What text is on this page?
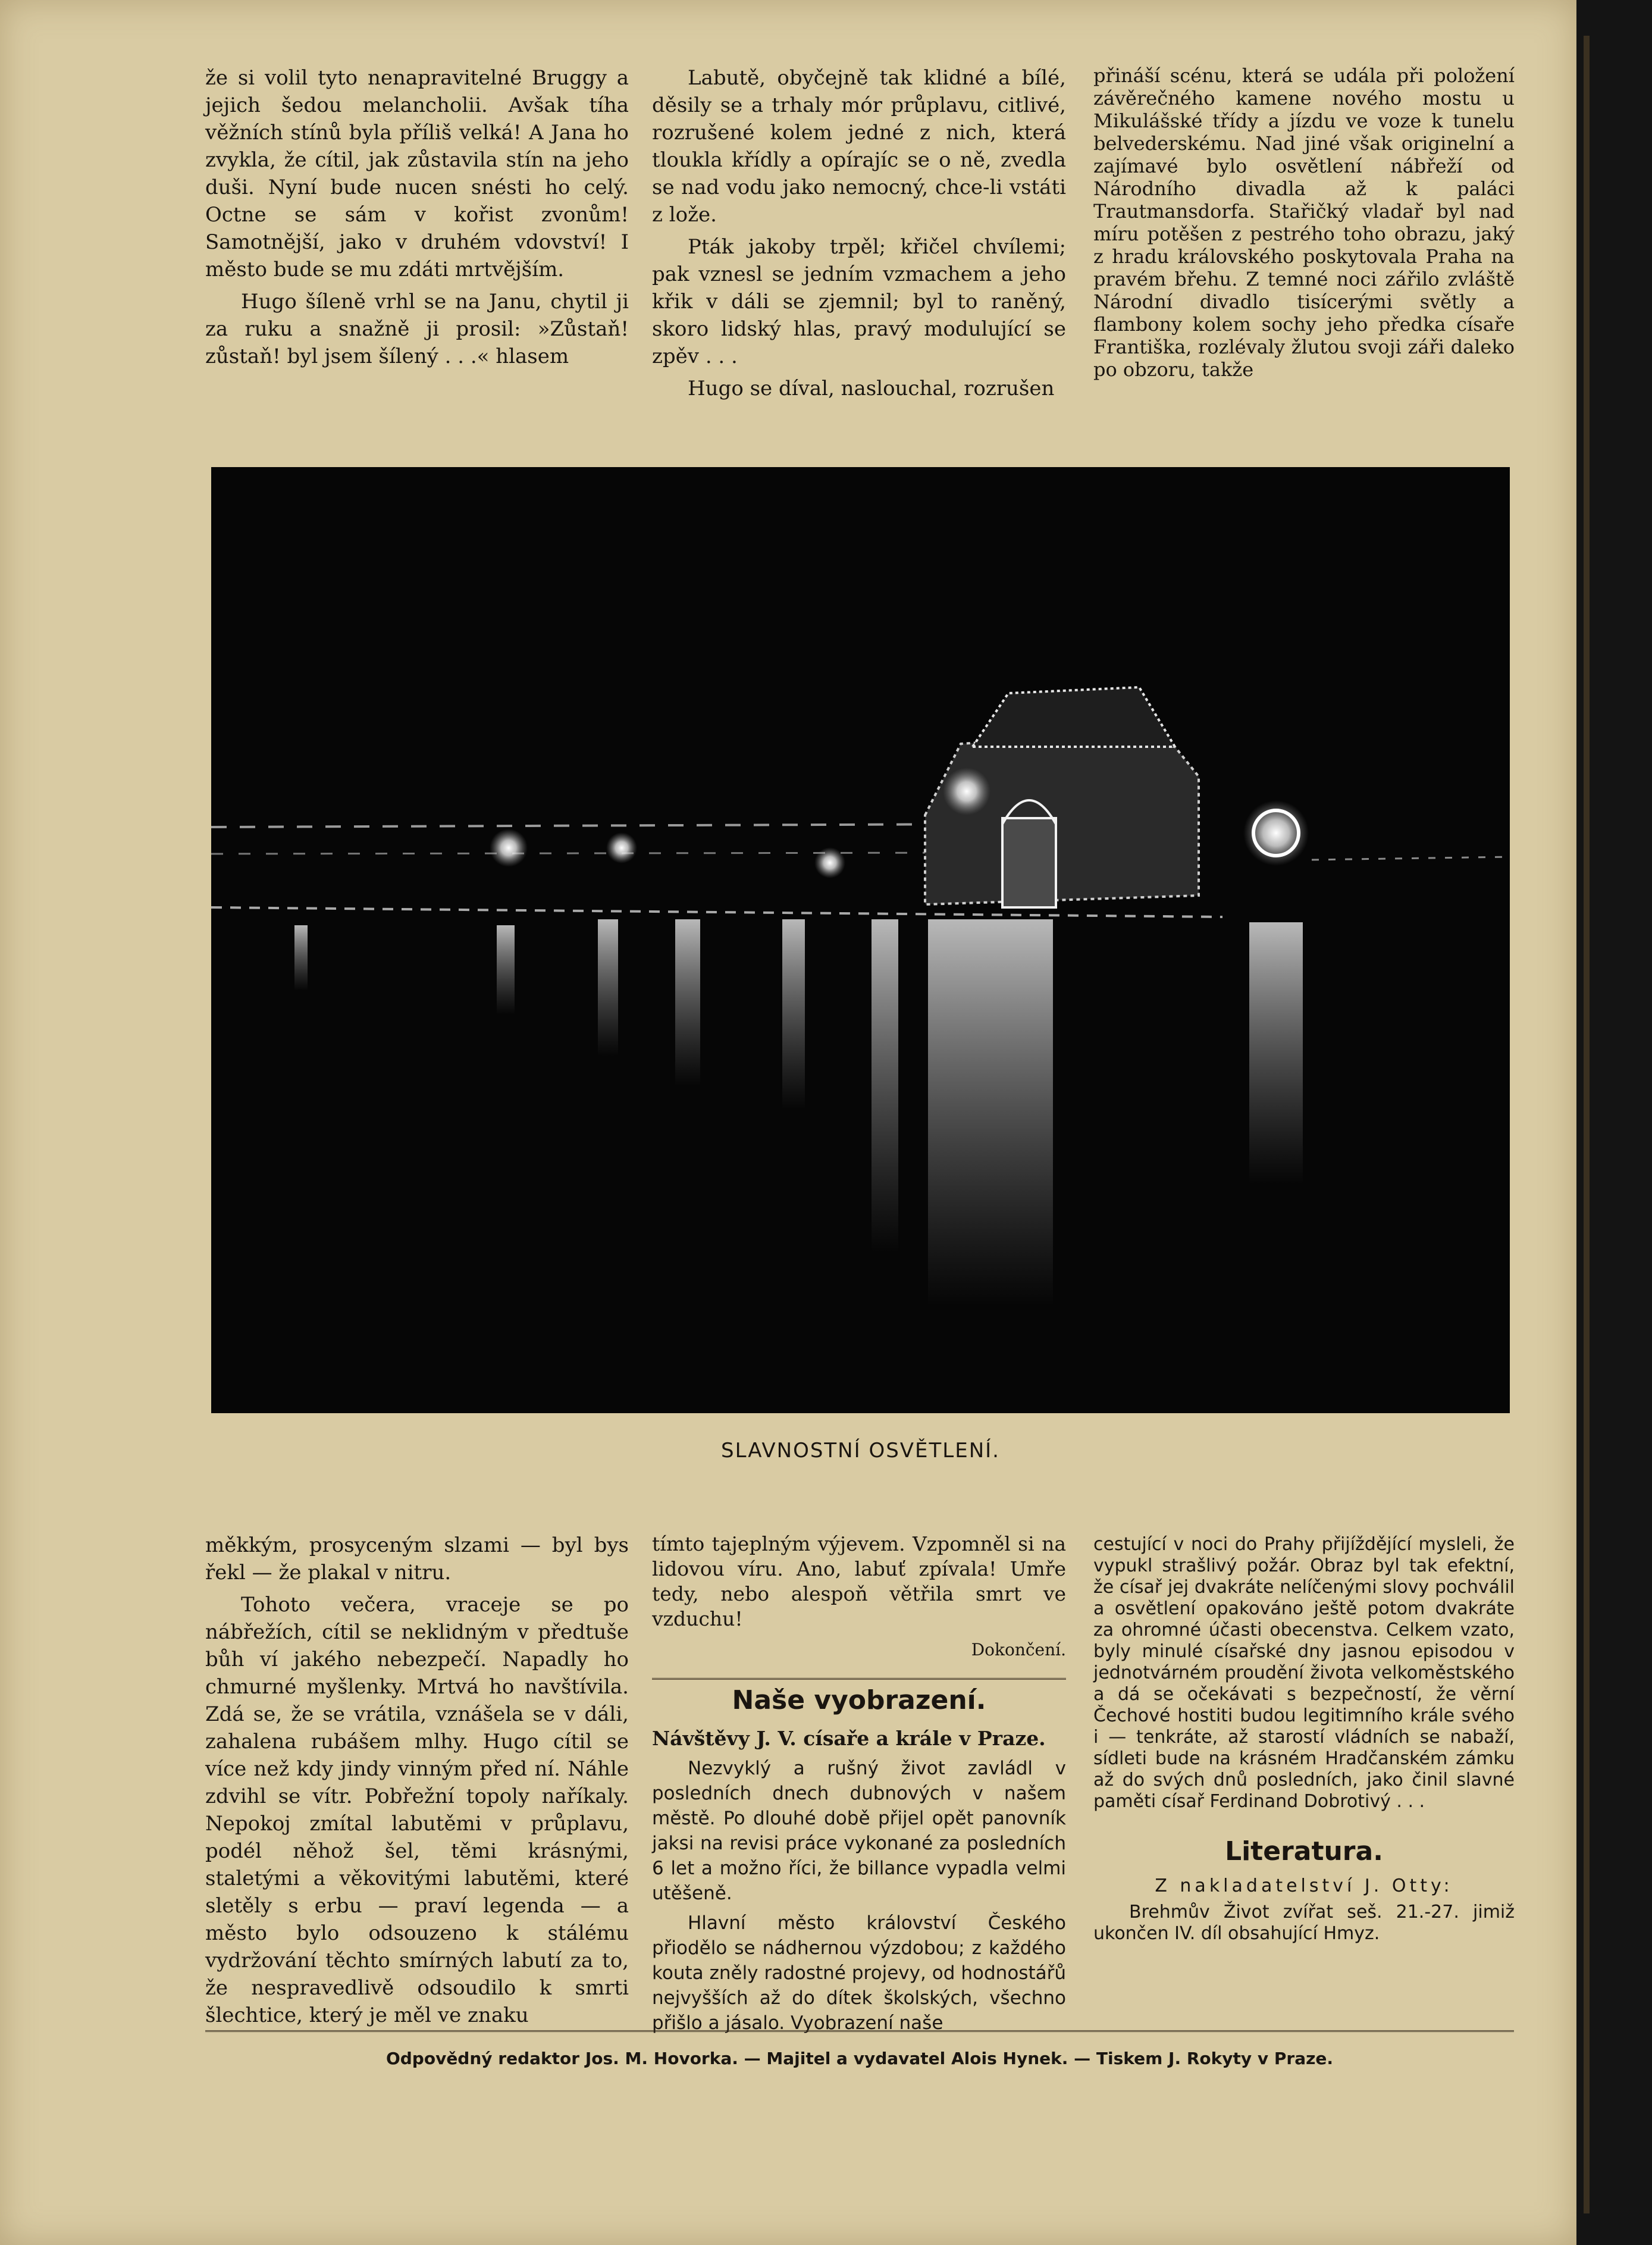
že si volil tyto nenapravitelné Bruggy a jejich šedou melancholii. Avšak tíha věžních stínů byla příliš velká! A Jana ho zvykla, že cítil, jak zůstavila stín na jeho duši. Nyní bude nucen snésti ho celý. Octne se sám v kořist zvonům! Samotnější, jako v druhém vdovství! I město bude se mu zdáti mrtvějším.

Hugo šíleně vrhl se na Janu, chytil ji za ruku a snažně ji prosil: »Zůstaň! zůstaň! byl jsem šílený . . .« hlasem

Labutě, obyčejně tak klidné a bílé, děsily se a trhaly mór průplavu, citlivé, rozrušené kolem jedné z nich, která tloukla křídly a opírajíc se o ně, zvedla se nad vodu jako nemocný, chce-li vstáti z lože.

Pták jakoby trpěl; křičel chvílemi; pak vznesl se jedním vzmachem a jeho křik v dáli se zjemnil; byl to raněný, skoro lidský hlas, pravý modulující se zpěv . . .

Hugo se díval, naslouchal, rozrušen

přináší scénu, která se udála při položení závěrečného kamene nového mostu u Mikulášské třídy a jízdu ve voze k tunelu belvederskému. Nad jiné však originelní a zajímavé bylo osvětlení nábřeží od Národního divadla až k paláci Trautmansdorfa. Stařičký vladař byl nad míru potěšen z pestrého toho obrazu, jaký z hradu královského poskytovala Praha na pravém břehu. Z temné noci zářilo zvláště Národní divadlo tisícerými světly a flambony kolem sochy jeho předka císaře Františka, rozlévaly žlutou svoji záři daleko po obzoru, takže

SLAVNOSTNÍ OSVĚTLENÍ.

měkkým, prosyceným slzami — byl bys řekl — že plakal v nitru.

Tohoto večera, vraceje se po nábřežích, cítil se neklidným v předtuše bůh ví jakého nebezpečí. Napadly ho chmurné myšlenky. Mrtvá ho navštívila. Zdá se, že se vrátila, vznášela se v dáli, zahalena rubášem mlhy. Hugo cítil se více než kdy jindy vinným před ní. Náhle zdvihl se vítr. Pobřežní topoly naříkaly. Nepokoj zmítal labutěmi v průplavu, podél něhož šel, těmi krásnými, staletými a věkovitými labutěmi, které sletěly s erbu — praví legenda — a město bylo odsouzeno k stálému vydržování těchto smírných labutí za to, že nespravedlivě odsoudilo k smrti šlechtice, který je měl ve znaku

tímto tajeplným výjevem. Vzpomněl si na lidovou víru. Ano, labuť zpívala! Umře tedy, nebo alespoň větřila smrt ve vzduchu!

Dokončení.
Naše vyobrazení.

Návštěvy J. V. císaře a krále v Praze.

Nezvyklý a rušný život zavládl v posledních dnech dubnových v našem městě. Po dlouhé době přijel opět panovník jaksi na revisi práce vykonané za posledních 6 let a možno říci, že billance vypadla velmi utěšeně.

Hlavní město království Českého přiodělo se nádhernou výzdobou; z každého kouta zněly radostné projevy, od hodnostářů nejvyšších až do dítek školských, všechno přišlo a jásalo. Vyobrazení naše

cestující v noci do Prahy přijíždějící mysleli, že vypukl strašlivý požár. Obraz byl tak efektní, že císař jej dvakráte nelíčenými slovy pochválil a osvětlení opakováno ještě potom dvakráte za ohromné účasti obecenstva. Celkem vzato, byly minulé císařské dny jasnou episodou v jednotvárném proudění života velkoměstského a dá se očekávati s bezpečností, že věrní Čechové hostiti budou legitimního krále svého i — tenkráte, až starostí vládních se nabaží, sídleti bude na krásném Hradčanském zámku až do svých dnů posledních, jako činil slavné paměti císař Ferdinand Dobrotivý . . .

Literatura.

Z nakladatelství J. Otty:

Brehmův Život zvířat seš. 21.-27. jimiž ukončen IV. díl obsahující Hmyz.

Odpovědný redaktor Jos. M. Hovorka. — Majitel a vydavatel Alois Hynek. — Tiskem J. Rokyty v Praze.
